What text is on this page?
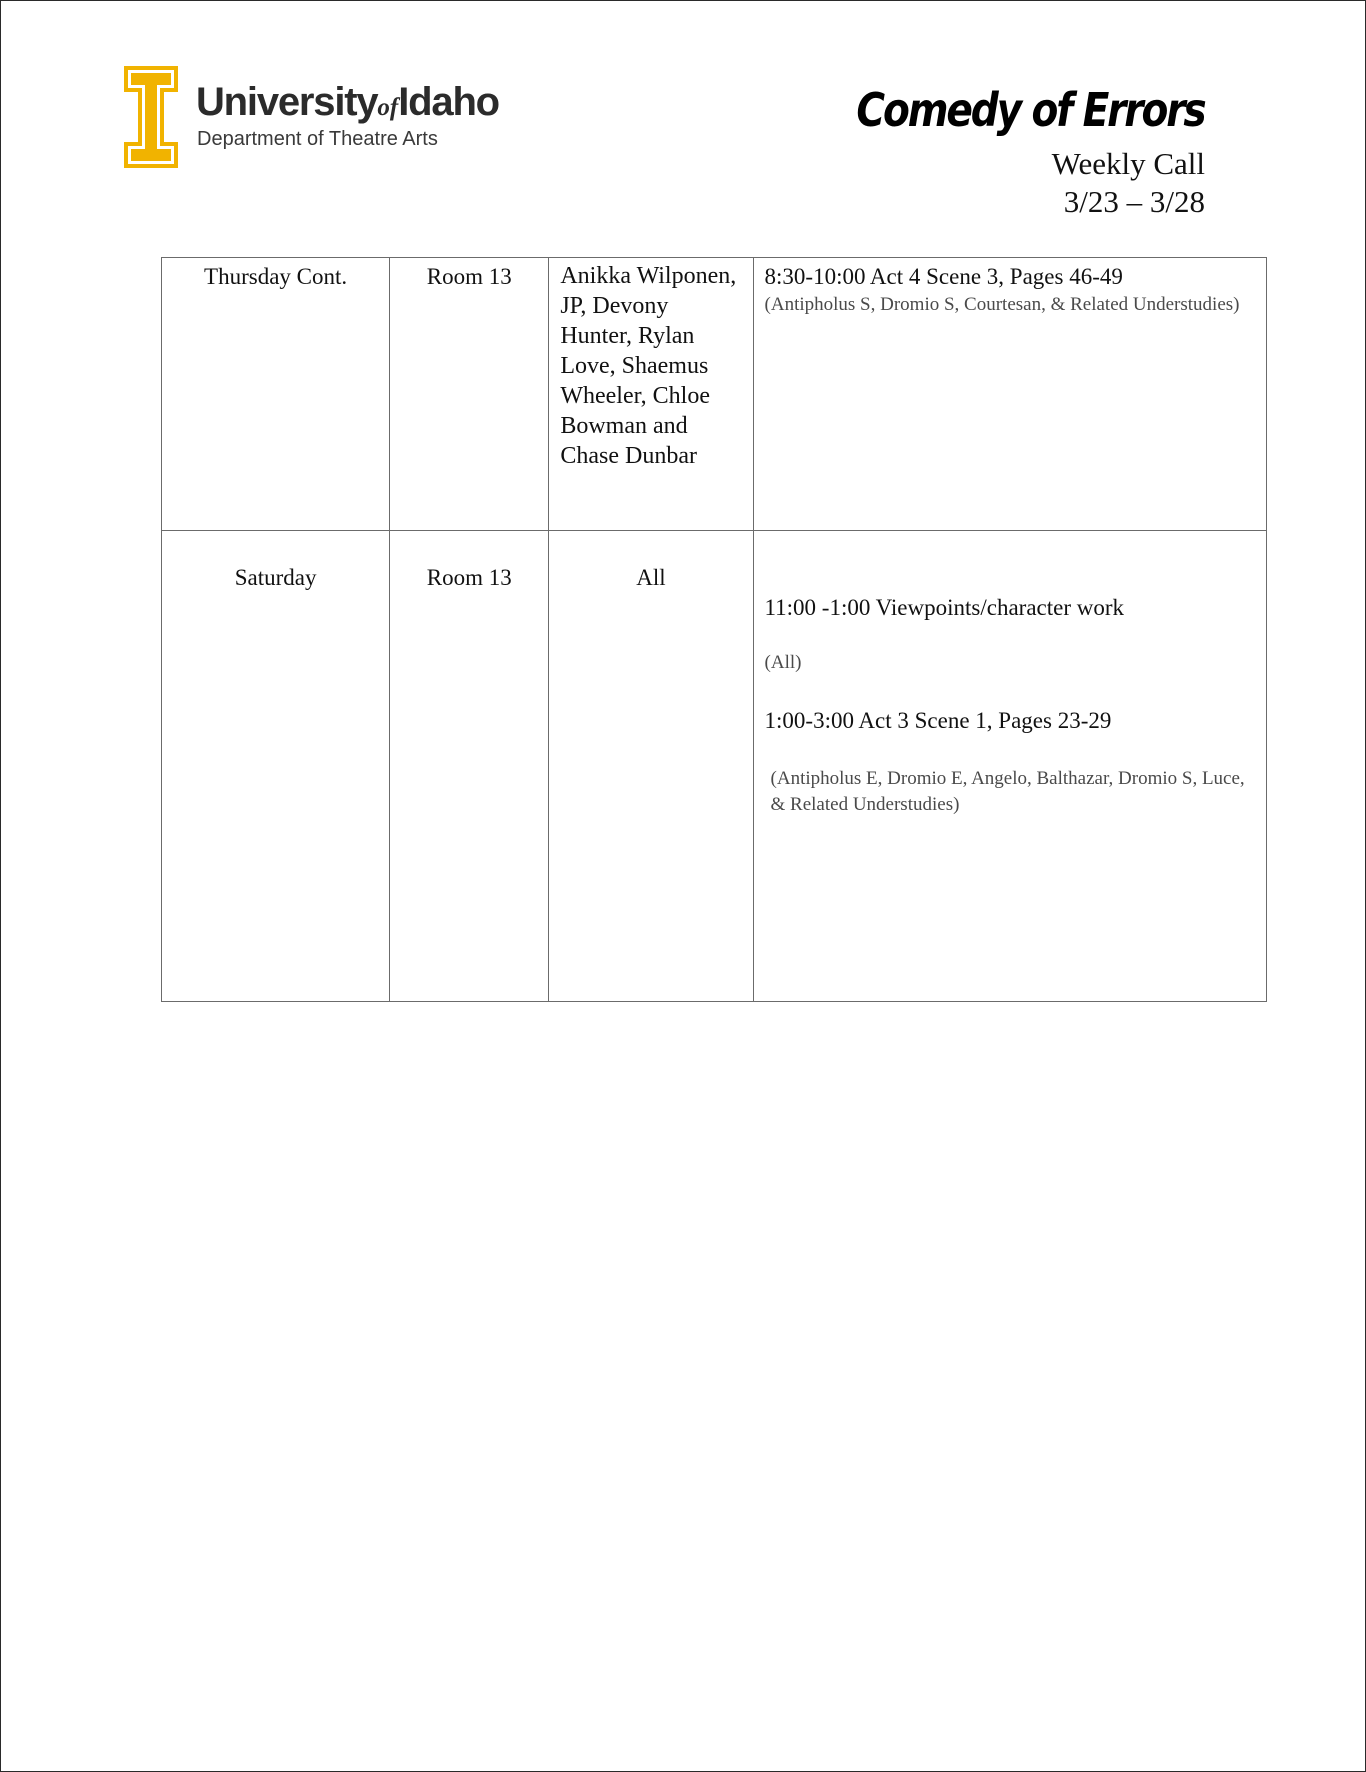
UniversityofIdaho
Department of Theatre Arts
Comedy of Errors
Weekly Call
3/23 – 3/28
Thursday Cont.	Room 13	Anikka Wilponen, JP, Devony Hunter, Rylan Love, Shaemus Wheeler, Chloe Bowman and Chase Dunbar	8:30-10:00 Act 4 Scene 3, Pages 46-49
(Antipholus S, Dromio S, Courtesan, & Related Understudies)

Saturday	Room 13	All	11:00 -1:00 Viewpoints/character work
(All)
1:00-3:00 Act 3 Scene 1, Pages 23-29
(Antipholus E, Dromio E, Angelo, Balthazar, Dromio S, Luce, & Related Understudies)
